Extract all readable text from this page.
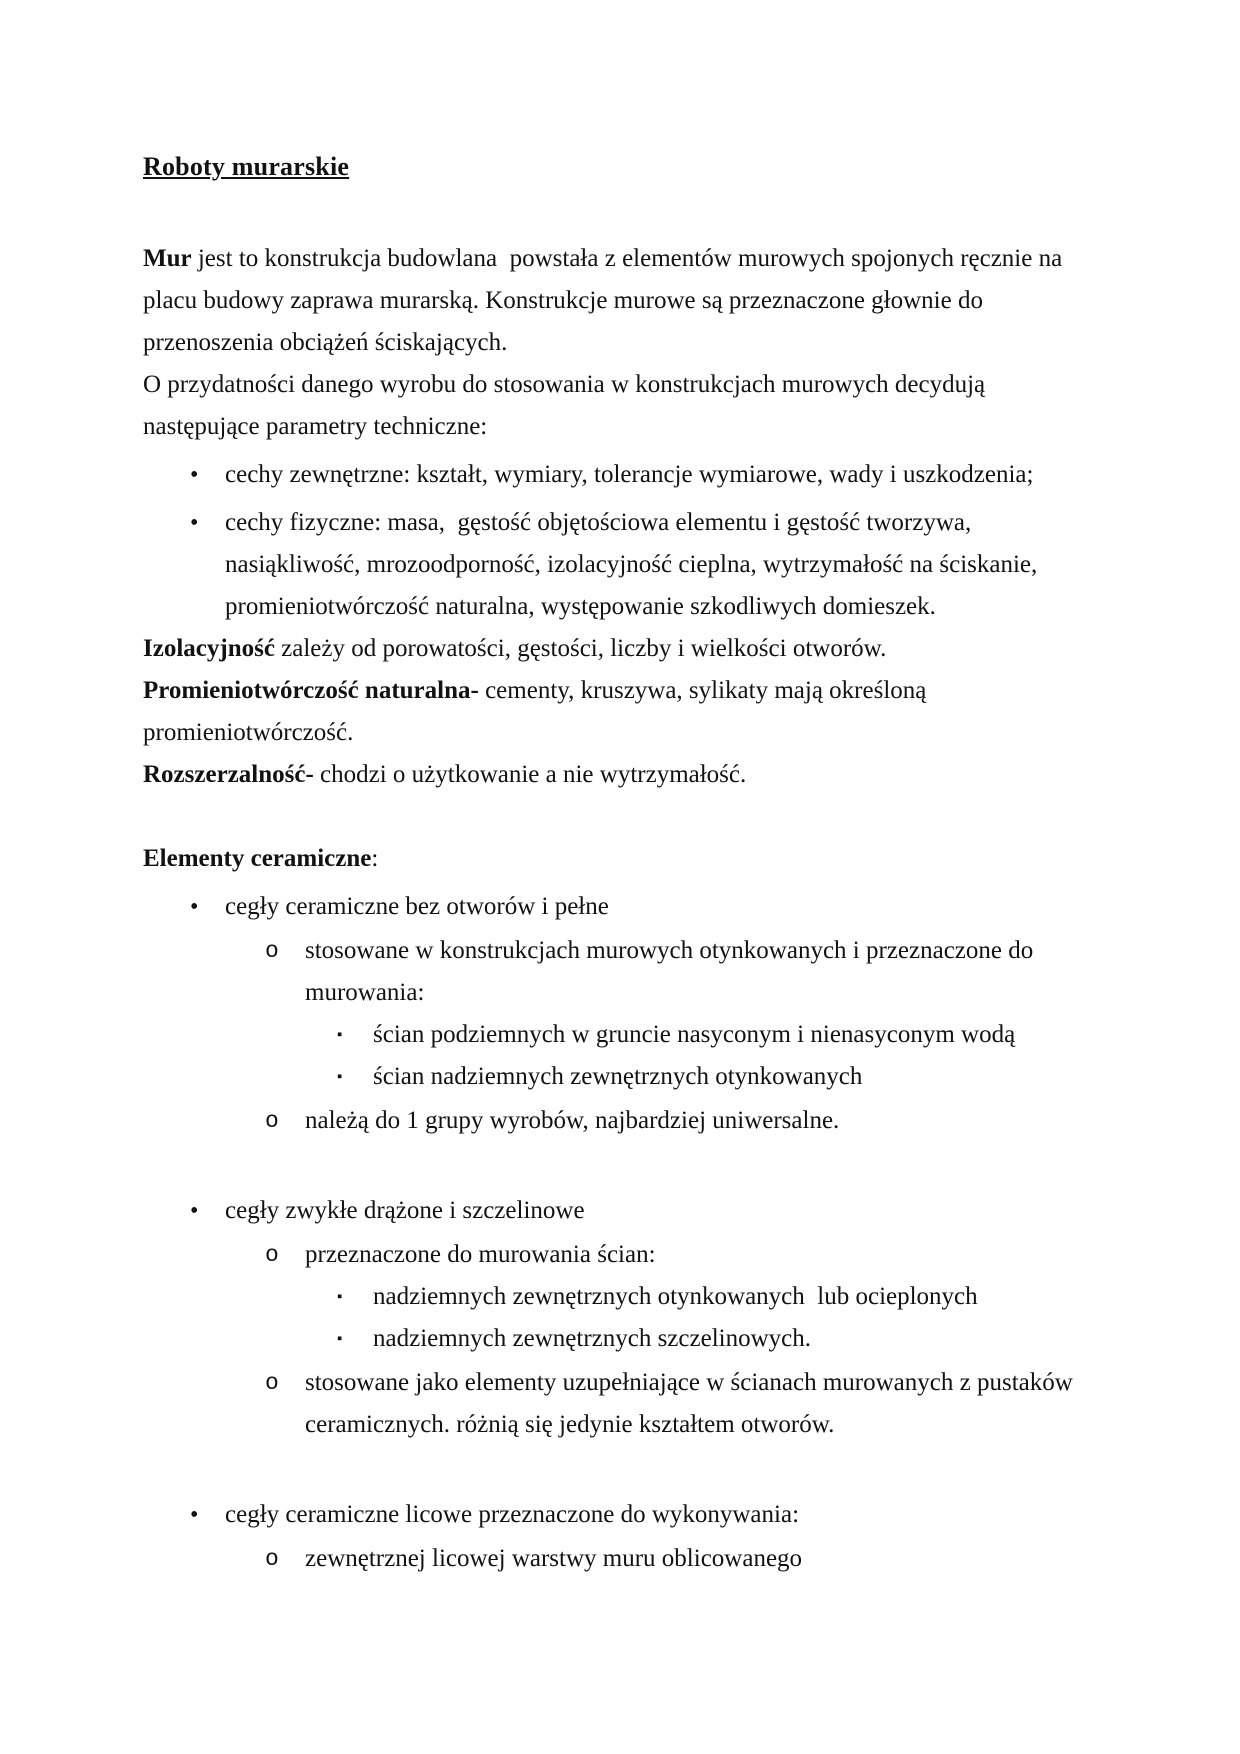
Roboty murarskie

Mur jest to konstrukcja budowlana  powstała z elementów murowych spojonych ręcznie na placu budowy zaprawa murarską. Konstrukcje murowe są przeznaczone głownie do przenoszenia obciążeń ściskających.

O przydatności danego wyrobu do stosowania w konstrukcjach murowych decydują następujące parametry techniczne:

• cechy zewnętrzne: kształt, wymiary, tolerancje wymiarowe, wady i uszkodzenia;
• cechy fizyczne: masa,  gęstość objętościowa elementu i gęstość tworzywa, nasiąkliwość, mrozoodporność, izolacyjność cieplna, wytrzymałość na ściskanie, promieniotwórczość naturalna, występowanie szkodliwych domieszek.

Izolacyjność zależy od porowatości, gęstości, liczby i wielkości otworów.

Promieniotwórczość naturalna- cementy, kruszywa, sylikaty mają określoną promieniotwórczość.

Rozszerzalność- chodzi o użytkowanie a nie wytrzymałość.

Elementy ceramiczne:

• cegły ceramiczne bez otworów i pełne
o stosowane w konstrukcjach murowych otynkowanych i przeznaczone do murowania:
▪ ścian podziemnych w gruncie nasyconym i nienasyconym wodą
▪ ścian nadziemnych zewnętrznych otynkowanych
o należą do 1 grupy wyrobów, najbardziej uniwersalne.
• cegły zwykłe drążone i szczelinowe
o przeznaczone do murowania ścian:
▪ nadziemnych zewnętrznych otynkowanych  lub ocieplonych
▪ nadziemnych zewnętrznych szczelinowych.
o stosowane jako elementy uzupełniające w ścianach murowanych z pustaków ceramicznych. różnią się jedynie kształtem otworów.
• cegły ceramiczne licowe przeznaczone do wykonywania:
o zewnętrznej licowej warstwy muru oblicowanego
